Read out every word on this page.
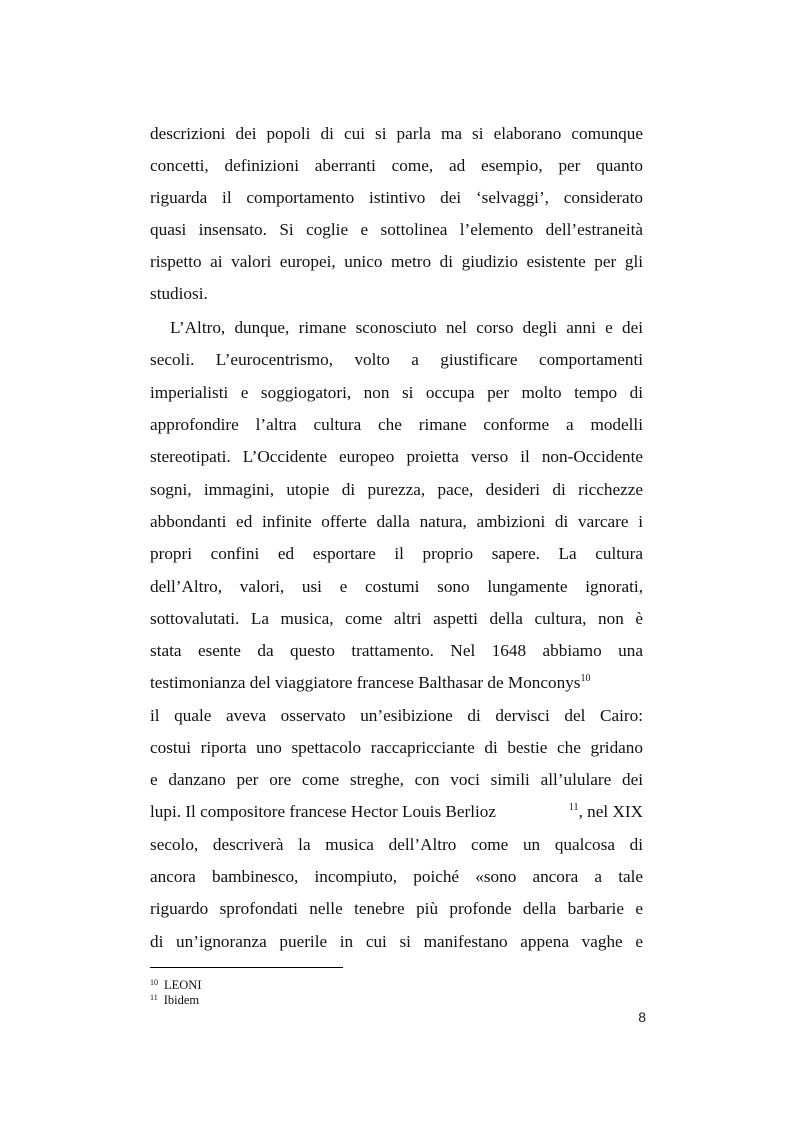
descrizioni dei popoli di cui si parla ma si elaborano comunque
concetti, definizioni aberranti come, ad esempio, per quanto
riguarda il comportamento istintivo dei ‘selvaggi’, considerato
quasi insensato. Si coglie e sottolinea l’elemento dell’estraneità
rispetto ai valori europei, unico metro di giudizio esistente per gli
studiosi.
L’Altro, dunque, rimane sconosciuto nel corso degli anni e dei
secoli. L’eurocentrismo, volto a giustificare comportamenti
imperialisti e soggiogatori, non si occupa per molto tempo di
approfondire l’altra cultura che rimane conforme a modelli
stereotipati. L’Occidente europeo proietta verso il non-Occidente
sogni, immagini, utopie di purezza, pace, desideri di ricchezze
abbondanti ed infinite offerte dalla natura, ambizioni di varcare i
propri confini ed esportare il proprio sapere. La cultura
dell’Altro, valori, usi e costumi sono lungamente ignorati,
sottovalutati. La musica, come altri aspetti della cultura, non è
stata esente da questo trattamento. Nel 1648 abbiamo una
testimonianza del viaggiatore francese Balthasar de Monconys$^{10}$
il quale aveva osservato un’esibizione di dervisci del Cairo:
costui riporta uno spettacolo raccapricciante di bestie che gridano
e danzano per ore come streghe, con voci simili all’ululare dei
lupi. Il compositore francese Hector Louis Berlioz	$^{11}$, nel XIX
secolo, descriverà la musica dell’Altro come un qualcosa di
ancora bambinesco, incompiuto, poiché «sono ancora a tale
riguardo sprofondati nelle tenebre più profonde della barbarie e
di un’ignoranza puerile in cui si manifestano appena vaghe e
$^{10}$ LEONI
$^{11}$ Ibidem
8
